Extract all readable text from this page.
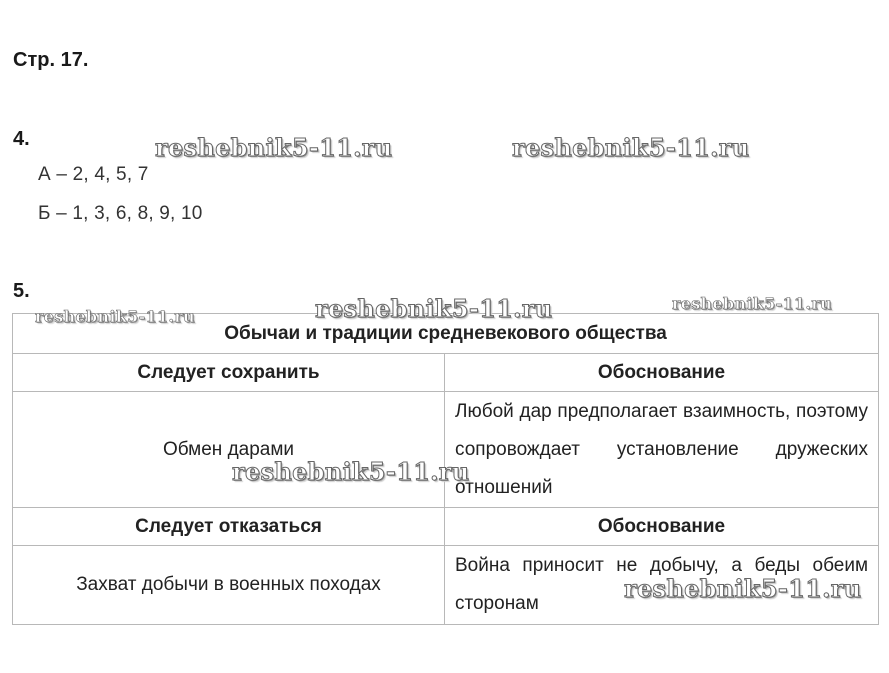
Стр. 17.
4.
А – 2, 4, 5, 7
Б – 1, 3, 6, 8, 9, 10
5.
Обычаи и традиции средневекового общества	
Следует сохранить	Обоснование
Обмен дарами	Любой дар предполагает взаимность, поэтому сопровождает установление дружеских отношений
Следует отказаться	Обоснование
Захват добычи в военных походах	Война приносит не добычу, а беды обеим сторонам
reshebnik5-11.ru	reshebnik5-11.ru
reshebnik5-11.ru
reshebnik5-11.ru
reshebnik5-11.ru
reshebnik5-11.ru
reshebnik5-11.ru
